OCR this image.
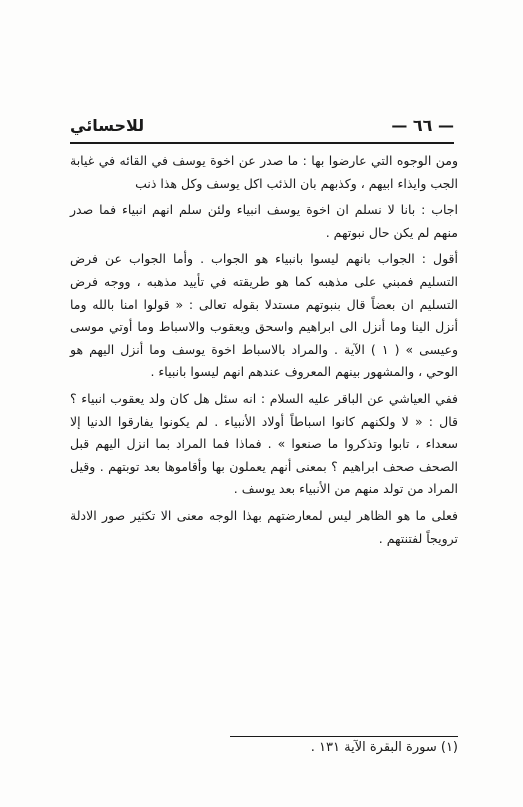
— ٦٦ —
للاحسائي

ومن الوجوه التي عارضوا بها : ما صدر عن اخوة يوسف في القائه في غيابة الجب وايذاء ابيهم ، وكذبهم بان الذئب اكل يوسف وكل هذا ذنب

اجاب : بانا لا نسلم ان اخوة يوسف انبياء ولئن سلم انهم انبياء فما صدر منهم لم يكن حال نبوتهم .

أقول : الجواب بانهم ليسوا بانبياء هو الجواب . وأما الجواب عن فرض التسليم فمبني على مذهبه كما هو طريقته في تأييد مذهبه ، ووجه فرض التسليم ان بعضاً قال بنبوتهم مستدلا بقوله تعالى : « قولوا امنا بالله وما أنزل الينا وما أنزل الى ابراهيم واسحق ويعقوب والاسباط وما أوتي موسى وعيسى » ( ١ ) الآية . والمراد بالاسباط اخوة يوسف وما أنزل اليهم هو الوحي ، والمشهور بينهم المعروف عندهم انهم ليسوا بانبياء .

ففي العياشي عن الباقر عليه السلام : انه سئل هل كان ولد يعقوب انبياء ؟ قال : « لا ولكنهم كانوا اسباطاً أولاد الأنبياء . لم يكونوا يفارقوا الدنيا إلا سعداء ، تابوا وتذكروا ما صنعوا » . فماذا فما المراد بما انزل اليهم قبل الصحف صحف ابراهيم ؟ بمعنى أنهم يعملون بها وأقاموها بعد توبتهم . وقيل المراد من تولد منهم من الأنبياء بعد يوسف .

فعلى ما هو الظاهر ليس لمعارضتهم بهذا الوجه معنى الا تكثير صور الادلة ترويجاً لفتنتهم .

(١) سورة البقرة الآية ١٣١ .
